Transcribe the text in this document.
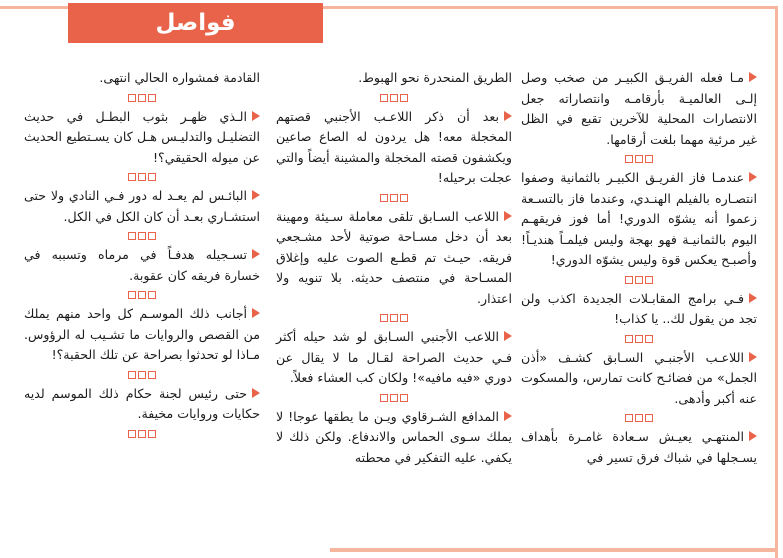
فواصل

مـا فعله الفريـق الكبيـر من صخب وصل إلـى العالميـة بأرقامـه وانتصاراته جعل الانتصارات المحلية للآخرين تقبع في الظل غير مرئية مهما بلغت أرقامها.

عندمـا فاز الفريـق الكبيـر بالثمانية وصفوا انتصـاره بالفيلم الهنـدي، وعندما فاز بالتسـعة زعموا أنه يشوّه الدوري! أما فوز فريقهـم اليوم بالثمانيـة فهو بهجة وليس فيلمـاً هنديـاً! وأصبـح يعكس قوة وليس يشوّه الدوري!

فـي برامج المقابـلات الجديدة اكذب ولن تجد من يقول لك.. يا كذاب!

اللاعـب الأجنبـي السـابق كشـف «أذن الجمل» من فضائـح كانت تمارس، والمسكوت عنه أكبر وأدهى.

المنتهـي يعيـش سـعادة غامـرة بأهداف يسـجلها في شباك فرق تسير في

الطريق المنحدرة نحو الهبوط.

بعد أن ذكر اللاعـب الأجنبي قصتهم المخجلة معه! هل يردون له الصاع صاعين ويكشفون قصته المخجلة والمشينة أيضاً والتي عجلت برحيله!

اللاعب السـابق تلقى معاملة سـيئة ومهينة بعد أن دخل مسـاحة صوتية لأحد مشـجعي فريقه. حيـث تم قطـع الصوت عليه وإغلاق المسـاحة في منتصف حديثه. بلا تنويه ولا اعتذار.

اللاعب الأجنبي السـابق لو شد حيله أكثر فـي حديث الصراحة لقـال ما لا يقال عن دوري «فيه مافيه»! ولكان كب العشاء فعلاً.

المدافع الشـرقاوي ويـن ما يطقها عوجا! لا يملك سـوى الحماس والاندفاع. ولكن ذلك لا يكفي. عليه التفكير في محطته

القادمة فمشواره الحالي انتهى.

الـذي ظهـر بثوب البطـل في حديث التضليـل والتدليـس هـل كان يسـتطيع الحديث عن ميوله الحقيقي؟!

البائـس لم يعـد له دور فـي النادي ولا حتى استشـاري بعـد أن كان الكل في الكل.

تسـجيله هدفـاً في مرماه وتسببه في خسارة فريقه كان عقوبة.

أجانب ذلك الموسـم كل واحد منهم يملك من القصص والروايات ما تشـيب له الرؤوس. مـاذا لو تحدثوا بصراحة عن تلك الحقبة؟!

حتى رئيس لجنة حكام ذلك الموسم لديه حكايات وروايات مخيفة.
